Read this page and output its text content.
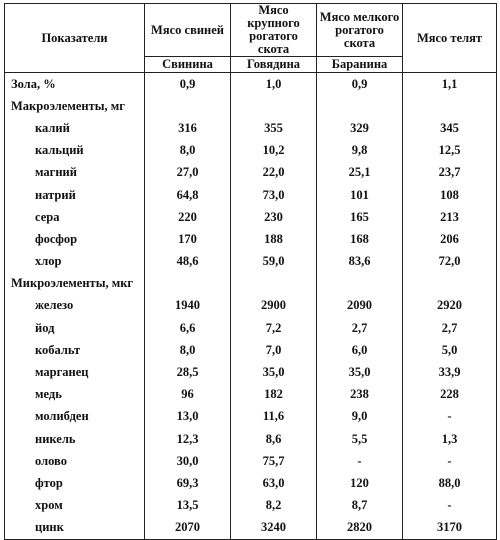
Показатели	Мясо свиней	Мясо крупного рогатого скота	Мясо мелкого рогатого скота	Мясо телят
	Свинина	Говядина	Баранина	
Зола, %	0,9	1,0	0,9	1,1
Макроэлементы, мг				
калий	316	355	329	345
кальций	8,0	10,2	9,8	12,5
магний	27,0	22,0	25,1	23,7
натрий	64,8	73,0	101	108
сера	220	230	165	213
фосфор	170	188	168	206
хлор	48,6	59,0	83,6	72,0
Микроэлементы, мкг				
железо	1940	2900	2090	2920
йод	6,6	7,2	2,7	2,7
кобальт	8,0	7,0	6,0	5,0
марганец	28,5	35,0	35,0	33,9
медь	96	182	238	228
молибден	13,0	11,6	9,0	-
никель	12,3	8,6	5,5	1,3
олово	30,0	75,7	-	-
фтор	69,3	63,0	120	88,0
хром	13,5	8,2	8,7	-
цинк	2070	3240	2820	3170
